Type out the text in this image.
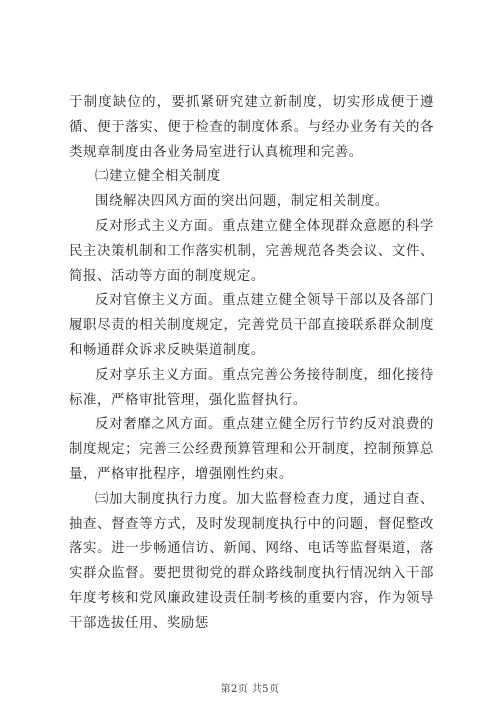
于制度缺位的，要抓紧研究建立新制度，切实形成便于遵循、便于落实、便于检查的制度体系。与经办业务有关的各类规章制度由各业务局室进行认真梳理和完善。

㈡建立健全相关制度

围绕解决四风方面的突出问题，制定相关制度。

反对形式主义方面。重点建立健全体现群众意愿的科学民主决策机制和工作落实机制，完善规范各类会议、文件、简报、活动等方面的制度规定。

反对官僚主义方面。重点建立健全领导干部以及各部门履职尽责的相关制度规定，完善党员干部直接联系群众制度和畅通群众诉求反映渠道制度。

反对享乐主义方面。重点完善公务接待制度，细化接待标准，严格审批管理，强化监督执行。

反对奢靡之风方面。重点建立健全厉行节约反对浪费的制度规定；完善三公经费预算管理和公开制度，控制预算总量，严格审批程序，增强刚性约束。

㈢加大制度执行力度。加大监督检查力度，通过自查、抽查、督查等方式，及时发现制度执行中的问题，督促整改落实。进一步畅通信访、新闻、网络、电话等监督渠道，落实群众监督。要把贯彻党的群众路线制度执行情况纳入干部年度考核和党风廉政建设责任制考核的重要内容，作为领导干部选拔任用、奖励惩

第2页 共5页
